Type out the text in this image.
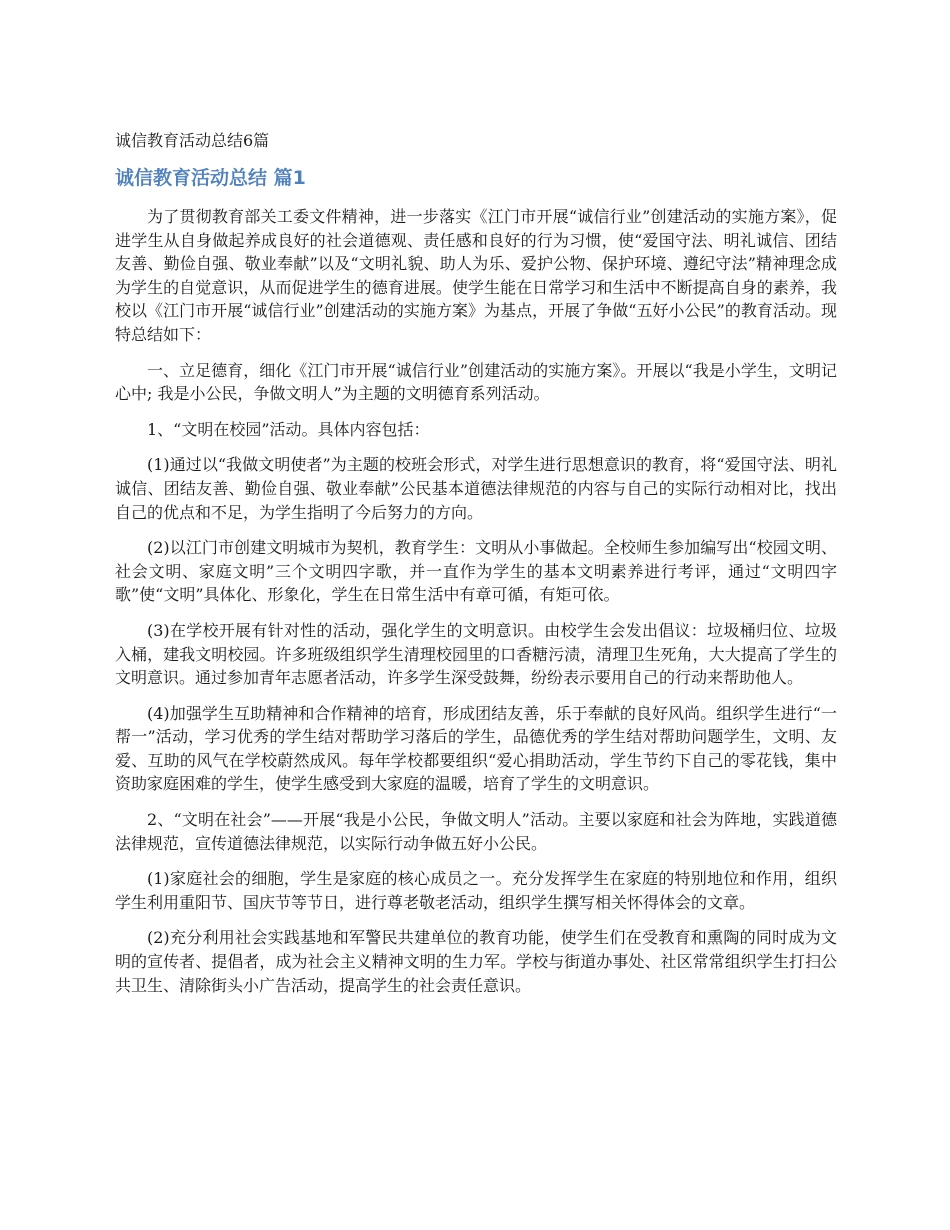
诚信教育活动总结6篇
诚信教育活动总结 篇1

为了贯彻教育部关工委文件精神，进一步落实《江门市开展“诚信行业”创建活动的实施方案》，促进学生从自身做起养成良好的社会道德观、责任感和良好的行为习惯，使“爱国守法、明礼诚信、团结友善、勤俭自强、敬业奉献”以及“文明礼貌、助人为乐、爱护公物、保护环境、遵纪守法”精神理念成为学生的自觉意识，从而促进学生的德育进展。使学生能在日常学习和生活中不断提高自身的素养，我校以《江门市开展“诚信行业”创建活动的实施方案》为基点，开展了争做“五好小公民”的教育活动。现特总结如下：

一、立足德育，细化《江门市开展“诚信行业”创建活动的实施方案》。开展以“我是小学生，文明记心中; 我是小公民，争做文明人”为主题的文明德育系列活动。

1、“文明在校园”活动。具体内容包括：

(1)通过以“我做文明使者”为主题的校班会形式，对学生进行思想意识的教育，将“爱国守法、明礼诚信、团结友善、勤俭自强、敬业奉献”公民基本道德法律规范的内容与自己的实际行动相对比，找出自己的优点和不足，为学生指明了今后努力的方向。

(2)以江门市创建文明城市为契机，教育学生：文明从小事做起。全校师生参加编写出“校园文明、社会文明、家庭文明”三个文明四字歌，并一直作为学生的基本文明素养进行考评，通过“文明四字歌”使“文明”具体化、形象化，学生在日常生活中有章可循，有矩可依。

(3)在学校开展有针对性的活动，强化学生的文明意识。由校学生会发出倡议：垃圾桶归位、垃圾入桶，建我文明校园。许多班级组织学生清理校园里的口香糖污渍，清理卫生死角，大大提高了学生的文明意识。通过参加青年志愿者活动，许多学生深受鼓舞，纷纷表示要用自己的行动来帮助他人。

(4)加强学生互助精神和合作精神的培育，形成团结友善，乐于奉献的良好风尚。组织学生进行“一帮一”活动，学习优秀的学生结对帮助学习落后的学生，品德优秀的学生结对帮助问题学生，文明、友爱、互助的风气在学校蔚然成风。每年学校都要组织“爱心捐助活动，学生节约下自己的零花钱，集中资助家庭困难的学生，使学生感受到大家庭的温暖，培育了学生的文明意识。

2、“文明在社会”——开展“我是小公民，争做文明人”活动。主要以家庭和社会为阵地，实践道德法律规范，宣传道德法律规范，以实际行动争做五好小公民。

(1)家庭社会的细胞，学生是家庭的核心成员之一。充分发挥学生在家庭的特别地位和作用，组织学生利用重阳节、国庆节等节日，进行尊老敬老活动，组织学生撰写相关怀得体会的文章。

(2)充分利用社会实践基地和军警民共建单位的教育功能，使学生们在受教育和熏陶的同时成为文明的宣传者、提倡者，成为社会主义精神文明的生力军。学校与街道办事处、社区常常组织学生打扫公共卫生、清除街头小广告活动，提高学生的社会责任意识。
